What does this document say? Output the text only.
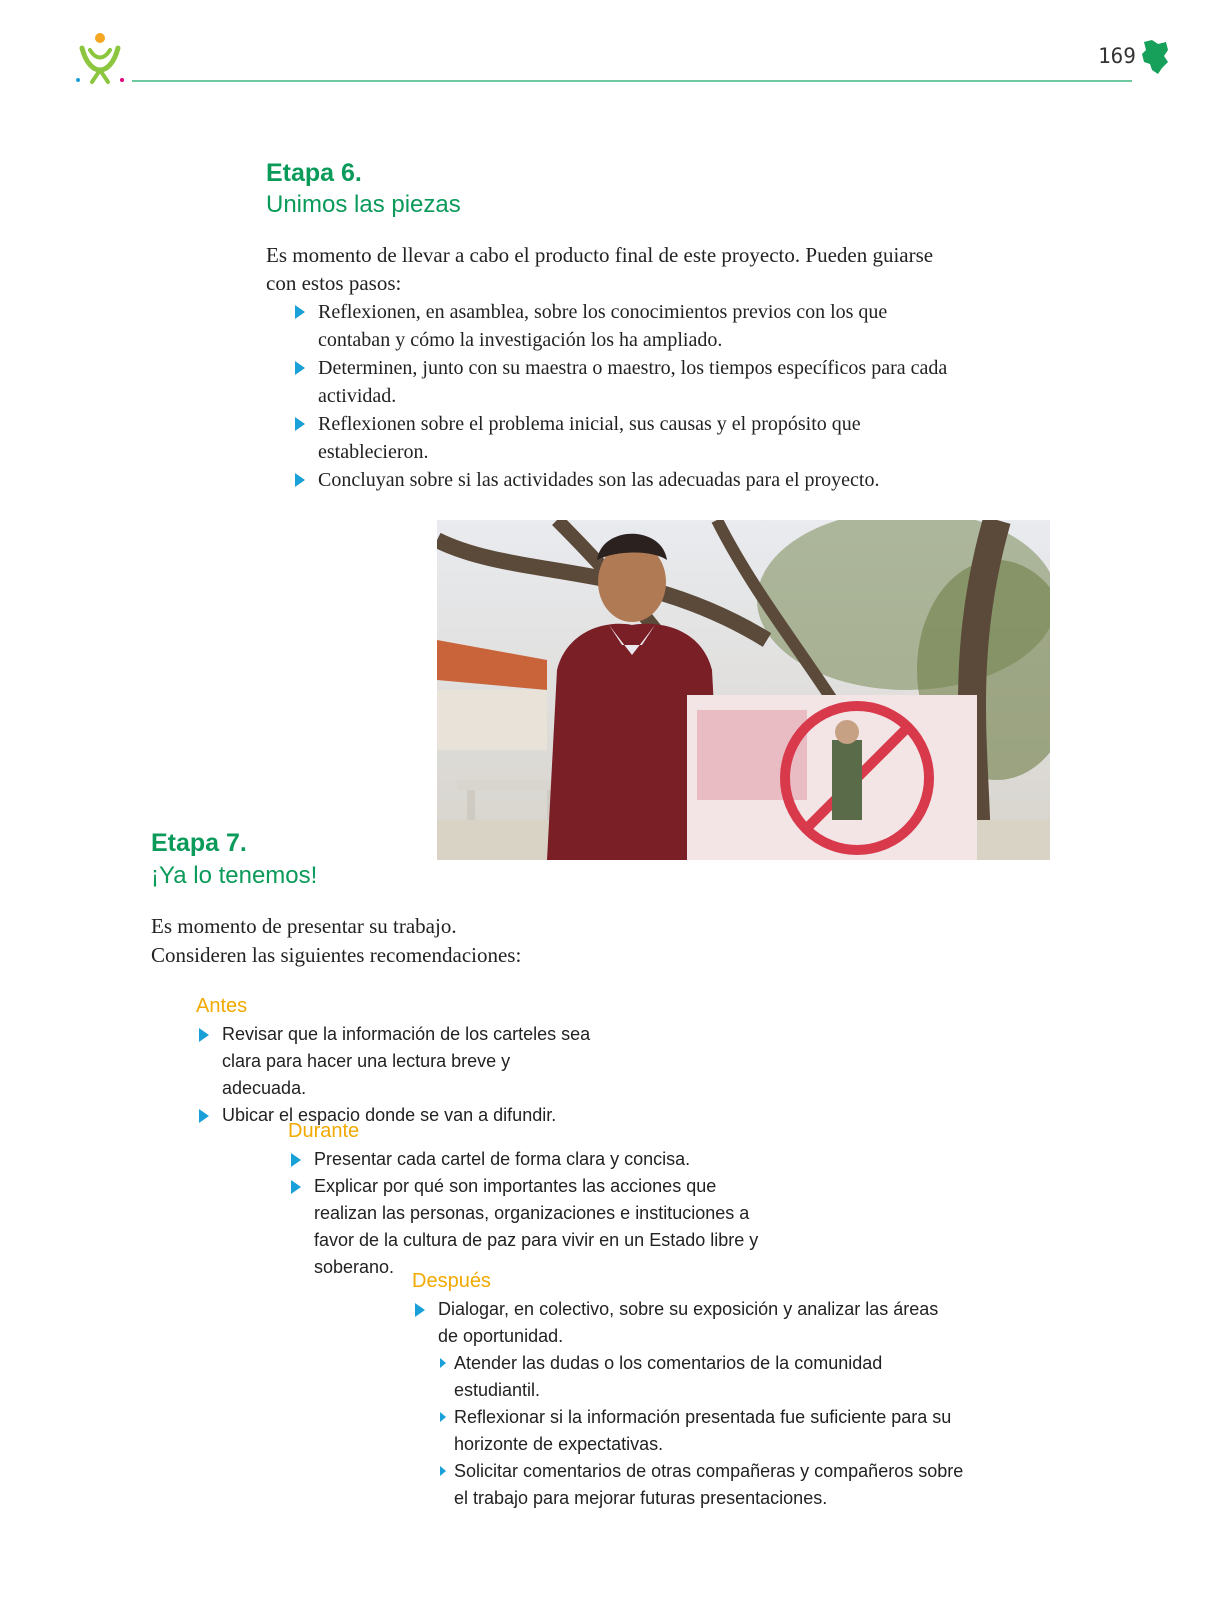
169
Etapa 6.
Unimos las piezas
Es momento de llevar a cabo el producto final de este proyecto. Pueden guiarse con estos pasos:
Reflexionen, en asamblea, sobre los conocimientos previos con los que contaban y cómo la investigación los ha ampliado.
Determinen, junto con su maestra o maestro, los tiempos específicos para cada actividad.
Reflexionen sobre el problema inicial, sus causas y el propósito que establecieron.
Concluyan sobre si las actividades son las adecuadas para el proyecto.
Etapa 7.
¡Ya lo tenemos!
Es momento de presentar su trabajo.
Consideren las siguientes recomendaciones:
Antes
Revisar que la información de los carteles sea clara para hacer una lectura breve y adecuada.
Ubicar el espacio donde se van a difundir.
Durante
Presentar cada cartel de forma clara y concisa.
Explicar por qué son importantes las acciones que realizan las personas, organizaciones e instituciones a favor de la cultura de paz para vivir en un Estado libre y soberano.
Después
Dialogar, en colectivo, sobre su exposición y analizar las áreas de oportunidad.
Atender las dudas o los comentarios de la comunidad estudiantil.
Reflexionar si la información presentada fue suficiente para su horizonte de expectativas.
Solicitar comentarios de otras compañeras y compañeros sobre el trabajo para mejorar futuras presentaciones.
